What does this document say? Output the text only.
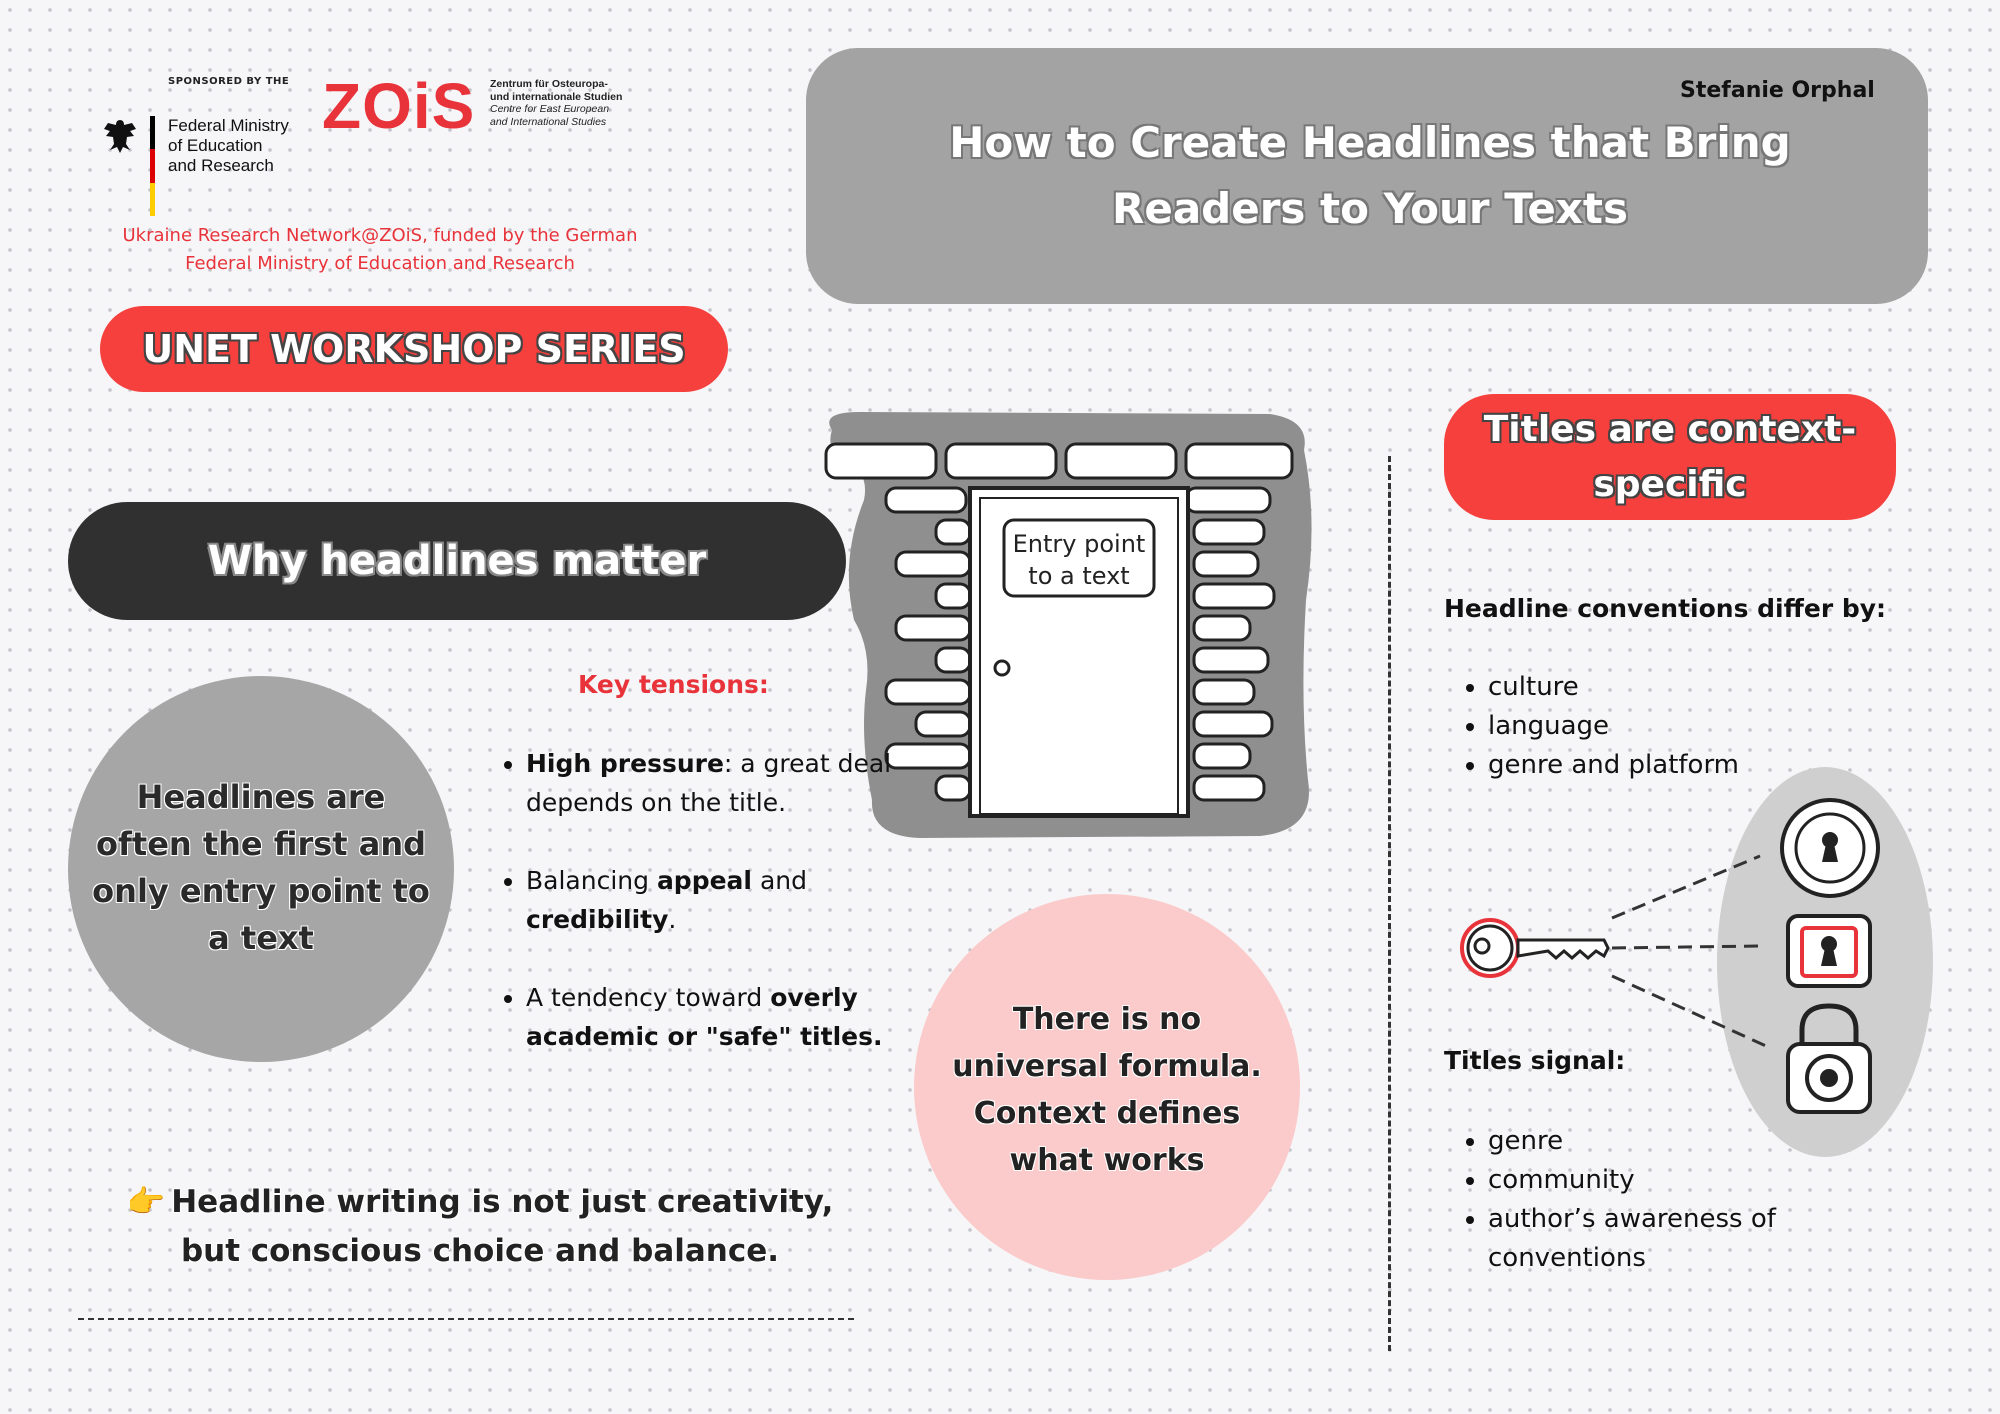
SPONSORED BY THE
Federal Ministry
of Education
and Research
ZOiS Zentrum für Osteuropa-
und internationale Studien
Centre for East European
and International Studies
Ukraine Research Network@ZOiS, funded by the German
Federal Ministry of Education and Research
Stefanie Orphal
How to Create Headlines that Bring Readers to Your Texts
UNET WORKSHOP SERIES
Why headlines matter
Headlines are often the first and only entry point to a text
Entry point
to a text
Key tensions:
• High pressure: a great deal depends on the title.
• Balancing appeal and credibility.
• A tendency toward overly academic or "safe" titles.	There is no universal formula. Context defines what works
👉 Headline writing is not just creativity, but conscious choice and balance.
Titles are context-specific
Headline conventions differ by:
• culture
• language
• genre and platform
Titles signal:
• genre
• community
• author’s awareness of conventions
